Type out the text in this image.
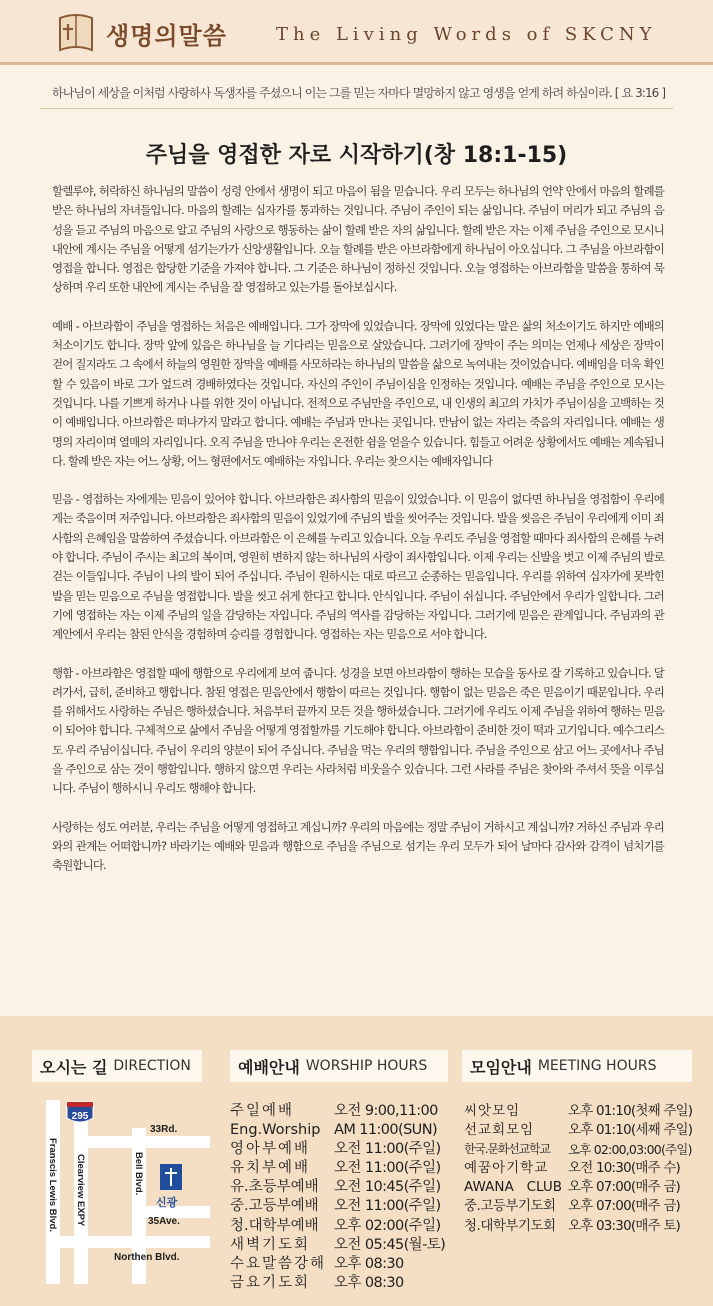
생명의말씀	The Living Words of SKCNY
하나님이 세상을 이처럼 사랑하사 독생자를 주셨으니 이는 그를 믿는 자마다 멸망하지 않고 영생을 얻게 하려 하심이라. [ 요 3:16 ]
주님을 영접한 자로 시작하기(창 18:1-15)

할렐루야, 허락하신 하나님의 말씀이 성령 안에서 생명이 되고 마음이 됨을 믿습니다. 우리 모두는 하나님의 언약 안에서 마음의 할례를 받은 하나님의 자녀들입니다. 마음의 할례는 십자가를 통과하는 것입니다. 주님이 주인이 되는 삶입니다. 주님이 머리가 되고 주님의 음성을 듣고 주님의 마음으로 알고 주님의 사랑으로 행동하는 삶이 할례 받은 자의 삶입니다. 할례 받은 자는 이제 주님을 주인으로 모시니 내안에 계시는 주님을 어떻게 섬기는가가 신앙생활입니다. 오늘 할례를 받은 아브라함에게 하나님이 아오십니다. 그 주님을 아브라함이 영접을 합니다. 영접은 합당한 기준을 가져야 합니다. 그 기준은 하나님이 정하신 것입니다. 오늘 영접하는 아브라함을 말씀을 통하여 묵상하며 우리 또한 내안에 계시는 주님을 잘 영접하고 있는가를 돌아보십시다.

예배 - 아브라함이 주님을 영접하는 처음은 예배입니다. 그가 장막에 있었습니다. 장막에 있었다는 말은 삶의 처소이기도 하지만 예배의 처소이기도 합니다. 장막 앞에 있음은 하나님을 늘 기다리는 믿음으로 살았습니다. 그러기에 장막이 주는 의미는 언제나 세상은 장막이 걷어 질지라도 그 속에서 하늘의 영원한 장막을 예배를 사모하라는 하나님의 말씀을 삶으로 녹여내는 것이었습니다. 예배임을 더욱 확인할 수 있음이 바로 그가 엎드려 경배하였다는 것입니다. 자신의 주인이 주님이심을 인정하는 것입니다. 예배는 주님을 주인으로 모시는 것입니다. 나를 기쁘게 하거나 나를 위한 것이 아닙니다. 전적으로 주님만을 주인으로, 내 인생의 최고의 가치가 주님이심을 고백하는 것이 예배입니다. 아브라함은 떠나가지 말라고 합니다. 예배는 주님과 만나는 곳입니다. 만남이 없는 자리는 죽음의 자리입니다. 예배는 생명의 자리이며 열매의 자리입니다. 오직 주님을 만나야 우리는 온전한 쉼을 얻을수 있습니다. 힘들고 어려운 상황에서도 예배는 계속됩니다. 할례 받은 자는 어느 상황, 어느 형편에서도 예배하는 자입니다. 우리는 찾으시는 예배자입니다

믿음 - 영접하는 자에게는 믿음이 있어야 합니다. 아브라함은 죄사함의 믿음이 있었습니다. 이 믿음이 없다면 하나님을 영접함이 우리에게는 죽음이며 저주입니다. 아브라함은 죄사함의 믿음이 있었기에 주님의 발을 씻어주는 것입니다. 발을 씻음은 주님이 우리에게 이미 죄사함의 은혜임을 말씀하여 주셨습니다. 아브라함은 이 은혜를 누리고 있습니다. 오늘 우리도 주님을 영접할 때마다 죄사함의 은혜를 누려야 합니다. 주님이 주시는 최고의 복이며, 영원히 변하지 않는 하나님의 사랑이 죄사함입니다. 이제 우리는 신발을 벗고 이제 주님의 발로 걷는 이들입니다. 주님이 나의 발이 되어 주십니다. 주님이 원하시는 대로 따르고 순종하는 믿음입니다. 우리를 위하여 십자가에 못박힌 발을 믿는 믿음으로 주님을 영접합니다. 발을 씻고 쉬게 한다고 합니다. 안식입니다. 주님이 쉬십니다. 주님안에서 우리가 일합니다. 그러기에 영접하는 자는 이제 주님의 일을 감당하는 자입니다. 주님의 역사를 감당하는 자입니다. 그러기에 믿음은 관계입니다. 주님과의 관계안에서 우리는 참된 안식을 경험하며 승리를 경험합니다. 영접하는 자는 믿음으로 서야 합니다.

행함 - 아브라함은 영접할 때에 행함으로 우리에게 보여 줍니다. 성경을 보면 아브라함이 행하는 모습을 동사로 잘 기록하고 있습니다. 달려가서, 급히, 준비하고 행합니다. 참된 영접은 믿음안에서 행함이 따르는 것입니다. 행함이 없는 믿음은 죽은 믿음이기 때문입니다. 우리를 위해서도 사랑하는 주님은 행하셨습니다. 처음부터 끝까지 모든 것을 행하셨습니다. 그러기에 우리도 이제 주님을 위하여 행하는 믿음이 되어야 합니다. 구체적으로 삶에서 주님을 어떻게 영접할까를 기도해야 합니다. 아브라함이 준비한 것이 떡과 고기입니다. 예수그리스도 우리 주님이십니다. 주님이 우리의 양분이 되어 주십니다. 주님을 먹는 우리의 행함입니다. 주님을 주인으로 삼고 어느 곳에서나 주님을 주인으로 삼는 것이 행함입니다. 행하지 않으면 우리는 사라처럼 비웃을수 있습니다. 그런 사라를 주님은 찾아와 주셔서 뜻을 이루십니다. 주님이 행하시니 우리도 행해야 합니다.

사랑하는 성도 여러분, 우리는 주님을 어떻게 영접하고 계십니까? 우리의 마음에는 정말 주님이 거하시고 계십니까? 거하신 주님과 우리와의 관계는 어떠합니까? 바라기는 예배와 믿음과 행함으로 주님을 주님으로 섬기는 우리 모두가 되어 날마다 감사와 감격이 넘치기를 축원합니다.

오시는 길 DIRECTION	예배안내 WORSHIP HOURS	모임안내 MEETING HOURS
295
신광
Franscis Lewis Blvd. Clearview EXPY	Bell Blvd.
33Rd.
35Ave.
Northen Blvd.
주일예배	오전 9:00,11:00
Eng.Worship AM 11:00(SUN)
영아부예배	오전 11:00(주일)
유치부예배	오전 11:00(주일)
유.초등부예배	오전 10:45(주일)
중.고등부예배	오전 11:00(주일)
청.대학부예배	오후 02:00(주일)
새벽기도회	오전 05:45(월-토)
수요말씀강해 오후 08:30
금요기도회	오후 08:30
씨앗모임	오후 01:10(첫째 주일)
선교회모임	오후 01:10(세째 주일)
한국.문화선교학교	오후 02:00,03:00(주일)
예꿈아기학교	오전 10:30(매주 수)
AWANA CLUB 오후 07:00(매주 금)
중.고등부기도회 오후 07:00(매주 금)
청.대학부기도회 오후 03:30(매주 토)
